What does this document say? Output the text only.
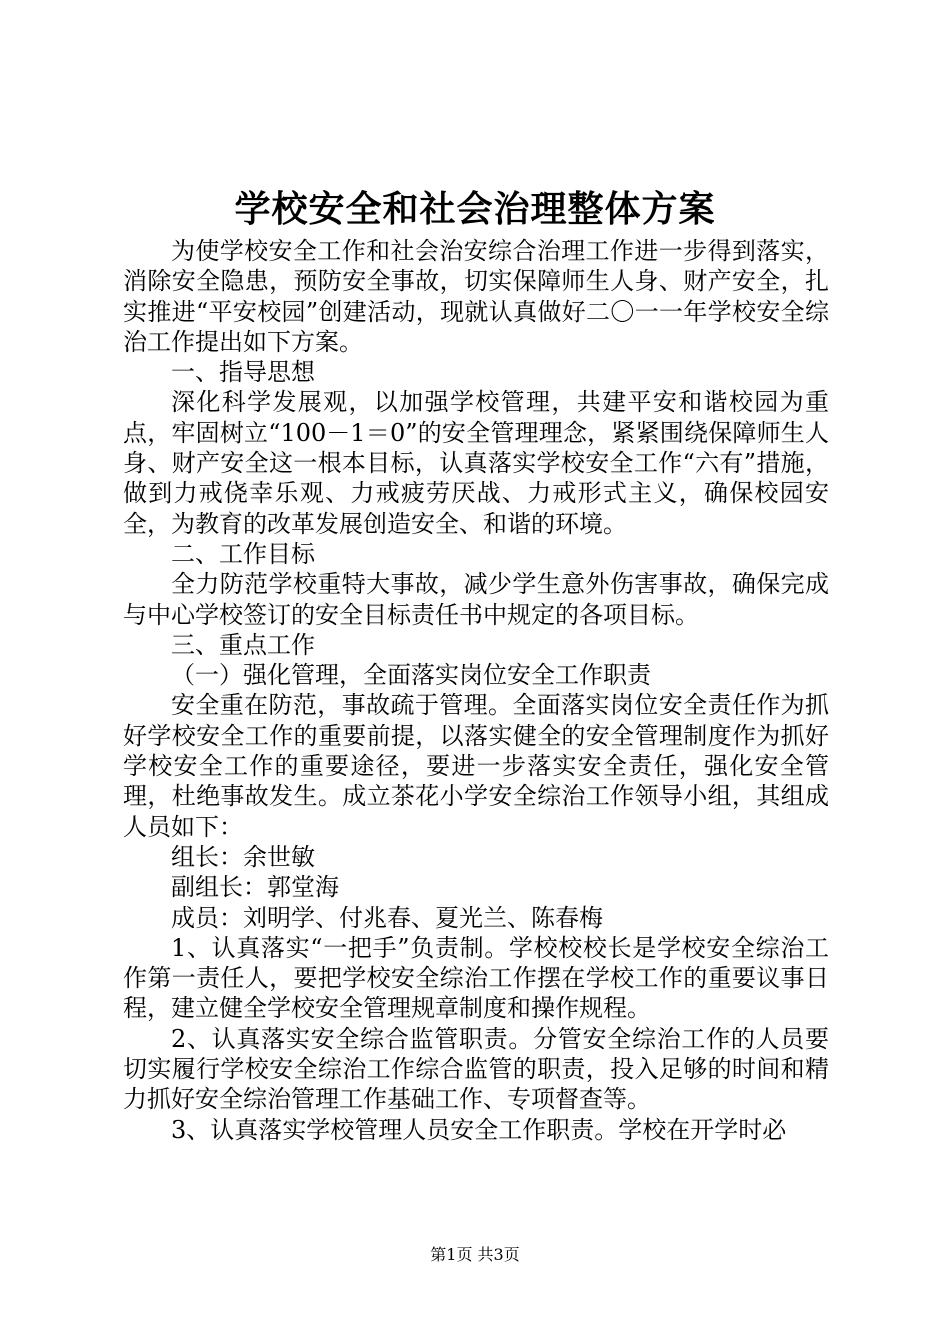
学校安全和社会治理整体方案

为使学校安全工作和社会治安综合治理工作进一步得到落实，消除安全隐患，预防安全事故，切实保障师生人身、财产安全，扎实推进“平安校园”创建活动，现就认真做好二〇一一年学校安全综治工作提出如下方案。

一、指导思想

深化科学发展观，以加强学校管理，共建平安和谐校园为重点，牢固树立“100－1＝0”的安全管理理念，紧紧围绕保障师生人身、财产安全这一根本目标，认真落实学校安全工作“六有”措施，做到力戒侥幸乐观、力戒疲劳厌战、力戒形式主义，确保校园安全，为教育的改革发展创造安全、和谐的环境。

二、工作目标

全力防范学校重特大事故，减少学生意外伤害事故，确保完成与中心学校签订的安全目标责任书中规定的各项目标。

三、重点工作

（一）强化管理，全面落实岗位安全工作职责

安全重在防范，事故疏于管理。全面落实岗位安全责任作为抓好学校安全工作的重要前提，以落实健全的安全管理制度作为抓好学校安全工作的重要途径，要进一步落实安全责任，强化安全管理，杜绝事故发生。成立茶花小学安全综治工作领导小组，其组成人员如下：

组长：余世敏

副组长：郭堂海

成员：刘明学、付兆春、夏光兰、陈春梅

1、认真落实“一把手”负责制。学校校校长是学校安全综治工作第一责任人，要把学校安全综治工作摆在学校工作的重要议事日程，建立健全学校安全管理规章制度和操作规程。

2、认真落实安全综合监管职责。分管安全综治工作的人员要切实履行学校安全综治工作综合监管的职责，投入足够的时间和精力抓好安全综治管理工作基础工作、专项督查等。

3、认真落实学校管理人员安全工作职责。学校在开学时必

第1页 共3页
